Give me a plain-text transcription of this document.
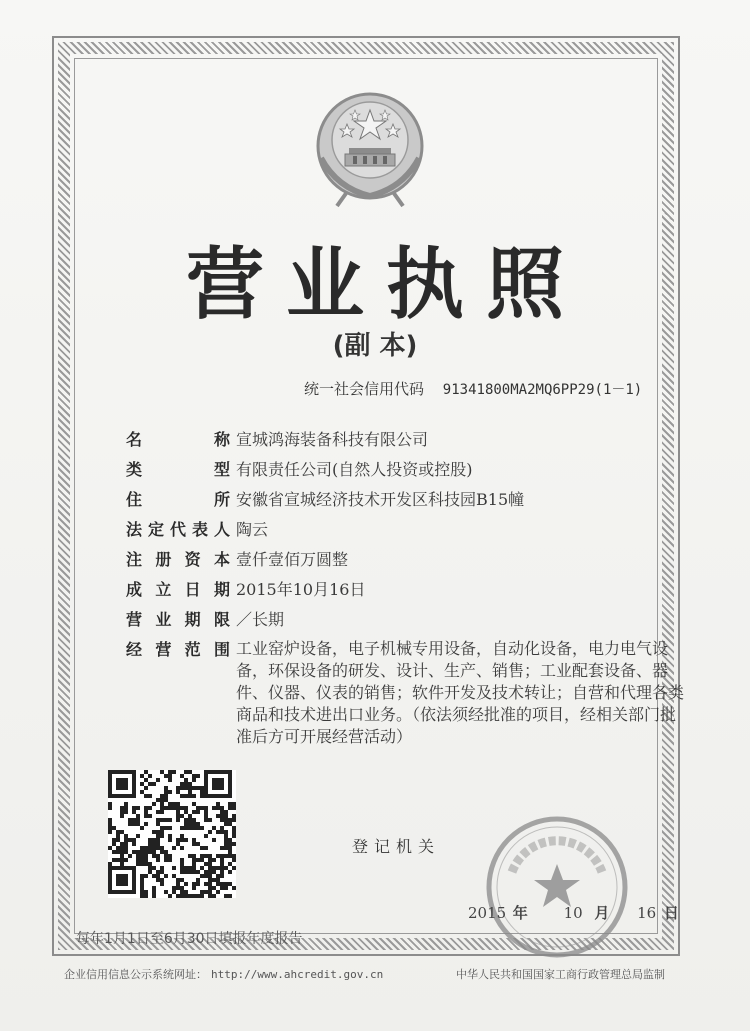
营业执照
(副 本)
统一社会信用代码 91341800MA2MQ6PP29(1－1)
名	称 宣城鸿海装备科技有限公司
类	型 有限责任公司(自然人投资或控股)
住	所 安徽省宣城经济技术开发区科技园B15幢
法 定 代 表 人 陶云
注 册 资 本 壹仟壹佰万圆整
成 立 日 期 2015年10月16日
营 业 期 限 ／长期
经 营 范 围 工业窑炉设备，电子机械专用设备，自动化设备，电力电气设备，环保设备的研发、设计、生产、销售；工业配套设备、器件、仪器、仪表的销售；软件开发及技术转让；自营和代理各类商品和技术进出口业务。（依法须经批准的项目，经相关部门批准后方可开展经营活动）
登记机关
2015 年 10 月 16 日
每年1月1日至6月30日填报年度报告
企业信用信息公示系统网址： http://www.ahcredit.gov.cn	中华人民共和国国家工商行政管理总局监制
